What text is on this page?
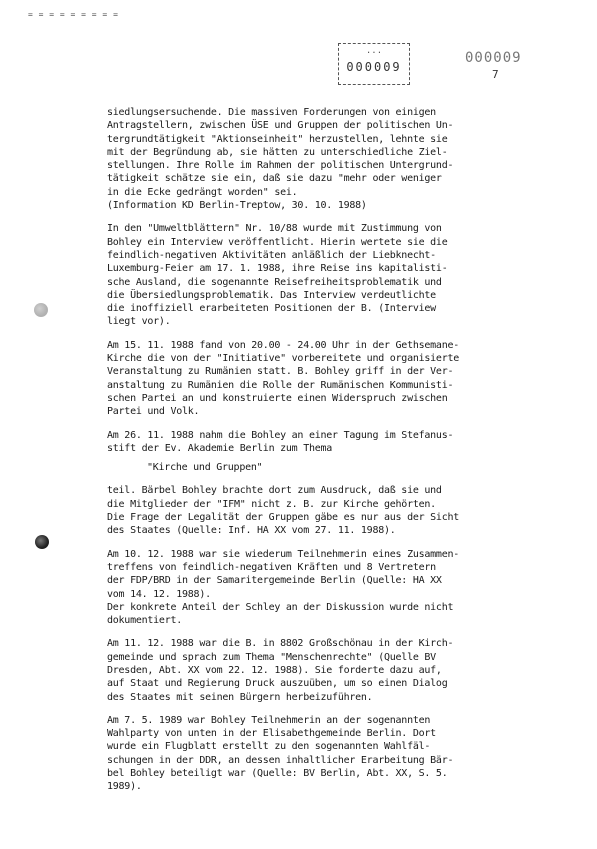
= = = = = = = = =
...
000009
000009
7

siedlungsersuchende. Die massiven Forderungen von einigen
Antragstellern, zwischen ÜSE und Gruppen der politischen Un-
tergrundtätigkeit "Aktionseinheit" herzustellen, lehnte sie
mit der Begründung ab, sie hätten zu unterschiedliche Ziel-
stellungen. Ihre Rolle im Rahmen der politischen Untergrund-
tätigkeit schätze sie ein, daß sie dazu "mehr oder weniger
in die Ecke gedrängt worden" sei.
(Information KD Berlin-Treptow, 30. 10. 1988)

In den "Umweltblättern" Nr. 10/88 wurde mit Zustimmung von
Bohley ein Interview veröffentlicht. Hierin wertete sie die
feindlich-negativen Aktivitäten anläßlich der Liebknecht-
Luxemburg-Feier am 17. 1. 1988, ihre Reise ins kapitalisti-
sche Ausland, die sogenannte Reisefreiheitsproblematik und
die Übersiedlungsproblematik. Das Interview verdeutlichte
die inoffiziell erarbeiteten Positionen der B. (Interview
liegt vor).

Am 15. 11. 1988 fand von 20.00 - 24.00 Uhr in der Gethsemane-
Kirche die von der "Initiative" vorbereitete und organisierte
Veranstaltung zu Rumänien statt. B. Bohley griff in der Ver-
anstaltung zu Rumänien die Rolle der Rumänischen Kommunisti-
schen Partei an und konstruierte einen Widerspruch zwischen
Partei und Volk.

Am 26. 11. 1988 nahm die Bohley an einer Tagung im Stefanus-
stift der Ev. Akademie Berlin zum Thema

"Kirche und Gruppen"

teil. Bärbel Bohley brachte dort zum Ausdruck, daß sie und
die Mitglieder der "IFM" nicht z. B. zur Kirche gehörten.
Die Frage der Legalität der Gruppen gäbe es nur aus der Sicht
des Staates (Quelle: Inf. HA XX vom 27. 11. 1988).

Am 10. 12. 1988 war sie wiederum Teilnehmerin eines Zusammen-
treffens von feindlich-negativen Kräften und 8 Vertretern
der FDP/BRD in der Samaritergemeinde Berlin (Quelle: HA XX
vom 14. 12. 1988).
Der konkrete Anteil der Schley an der Diskussion wurde nicht
dokumentiert.

Am 11. 12. 1988 war die B. in 8802 Großschönau in der Kirch-
gemeinde und sprach zum Thema "Menschenrechte" (Quelle BV
Dresden, Abt. XX vom 22. 12. 1988). Sie forderte dazu auf,
auf Staat und Regierung Druck auszuüben, um so einen Dialog
des Staates mit seinen Bürgern herbeizuführen.

Am 7. 5. 1989 war Bohley Teilnehmerin an der sogenannten
Wahlparty von unten in der Elisabethgemeinde Berlin. Dort
wurde ein Flugblatt erstellt zu den sogenannten Wahlfäl-
schungen in der DDR, an dessen inhaltlicher Erarbeitung Bär-
bel Bohley beteiligt war (Quelle: BV Berlin, Abt. XX, S. 5.
1989).
